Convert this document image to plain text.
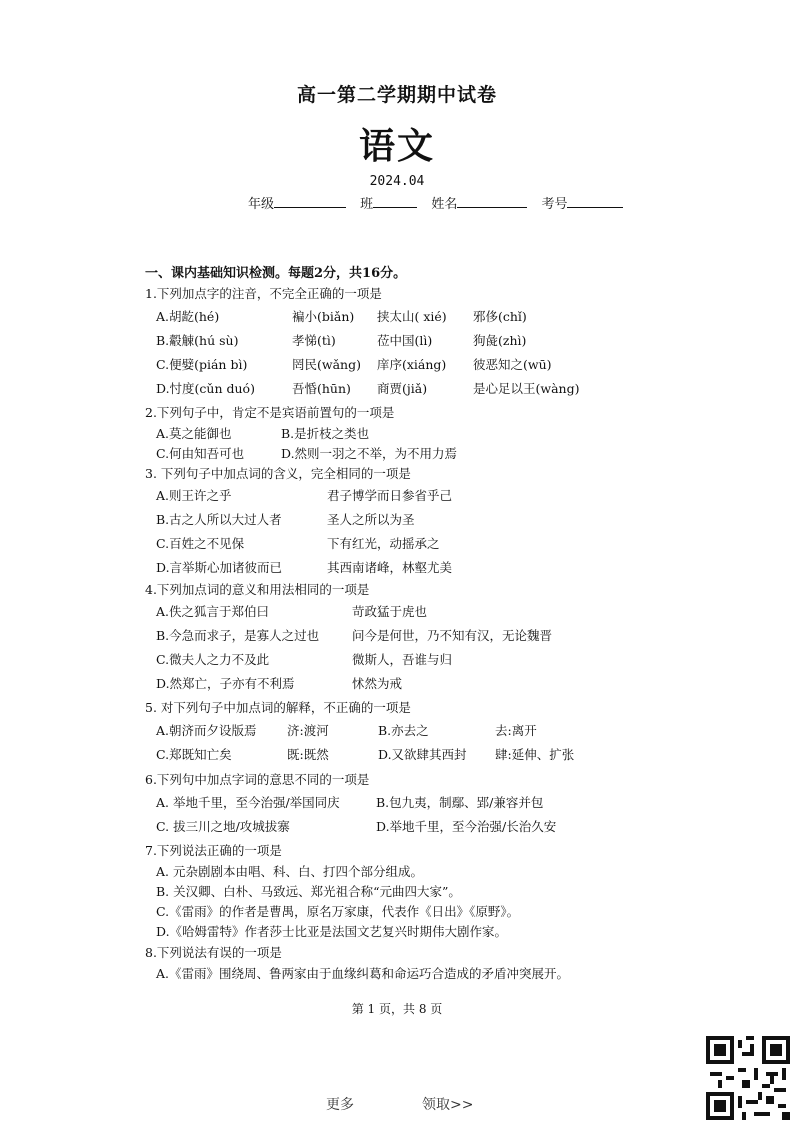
高一第二学期期中试卷
语文
2024.04
年级	班	姓名	考号
一、课内基础知识检测。每题2分，共16分。
1.下列加点字的注音，不完全正确的一项是
A.胡龁(hé)	褊小(biǎn) 挟太山( xié) 邪侈(chǐ)
B.觳觫(hú sù)	孝悌(tì)	莅中国(lì)	狗彘(zhì)
C.便嬖(pián bì)	罔民(wǎng) 庠序(xiáng) 彼恶知之(wū)
D.忖度(cǔn duó)	吾惛(hūn) 商贾(jiǎ)	是心足以王(wàng)
2.下列句子中，肯定不是宾语前置句的一项是
A.莫之能御也	B.是折枝之类也
C.何由知吾可也	D.然则一羽之不举，为不用力焉
3. 下列句子中加点词的含义，完全相同的一项是
A.则王许之乎	君子博学而日参省乎己
B.古之人所以大过人者	圣人之所以为圣
C.百姓之不见保	下有红光，动摇承之
D.言举斯心加诸彼而已	其西南诸峰，林壑尤美
4.下列加点词的意义和用法相同的一项是
A.佚之狐言于郑伯曰	苛政猛于虎也
B.今急而求子，是寡人之过也	问今是何世，乃不知有汉，无论魏晋
C.微夫人之力不及此	微斯人，吾谁与归
D.然郑亡，子亦有不利焉	怵然为戒
5. 对下列句子中加点词的解释，不正确的一项是
A.朝济而夕设版焉 济:渡河	B.亦去之	去:离开
C.郑既知亡矣	既:既然	D.又欲肆其西封 肆:延伸、扩张
6.下列句中加点字词的意思不同的一项是
A. 举地千里，至今治强/举国同庆	B.包九夷，制鄢、郢/兼容并包
C. 拔三川之地/攻城拔寨	D.举地千里，至今治强/长治久安
7.下列说法正确的一项是
A. 元杂剧剧本由唱、科、白、打四个部分组成。
B. 关汉卿、白朴、马致远、郑光祖合称“元曲四大家”。
C.《雷雨》的作者是曹禺，原名万家康，代表作《日出》《原野》。
D.《哈姆雷特》作者莎士比亚是法国文艺复兴时期伟大剧作家。
8.下列说法有误的一项是
A.《雷雨》围绕周、鲁两家由于血缘纠葛和命运巧合造成的矛盾冲突展开。
第 1 页，共 8 页
更多	领取>>
